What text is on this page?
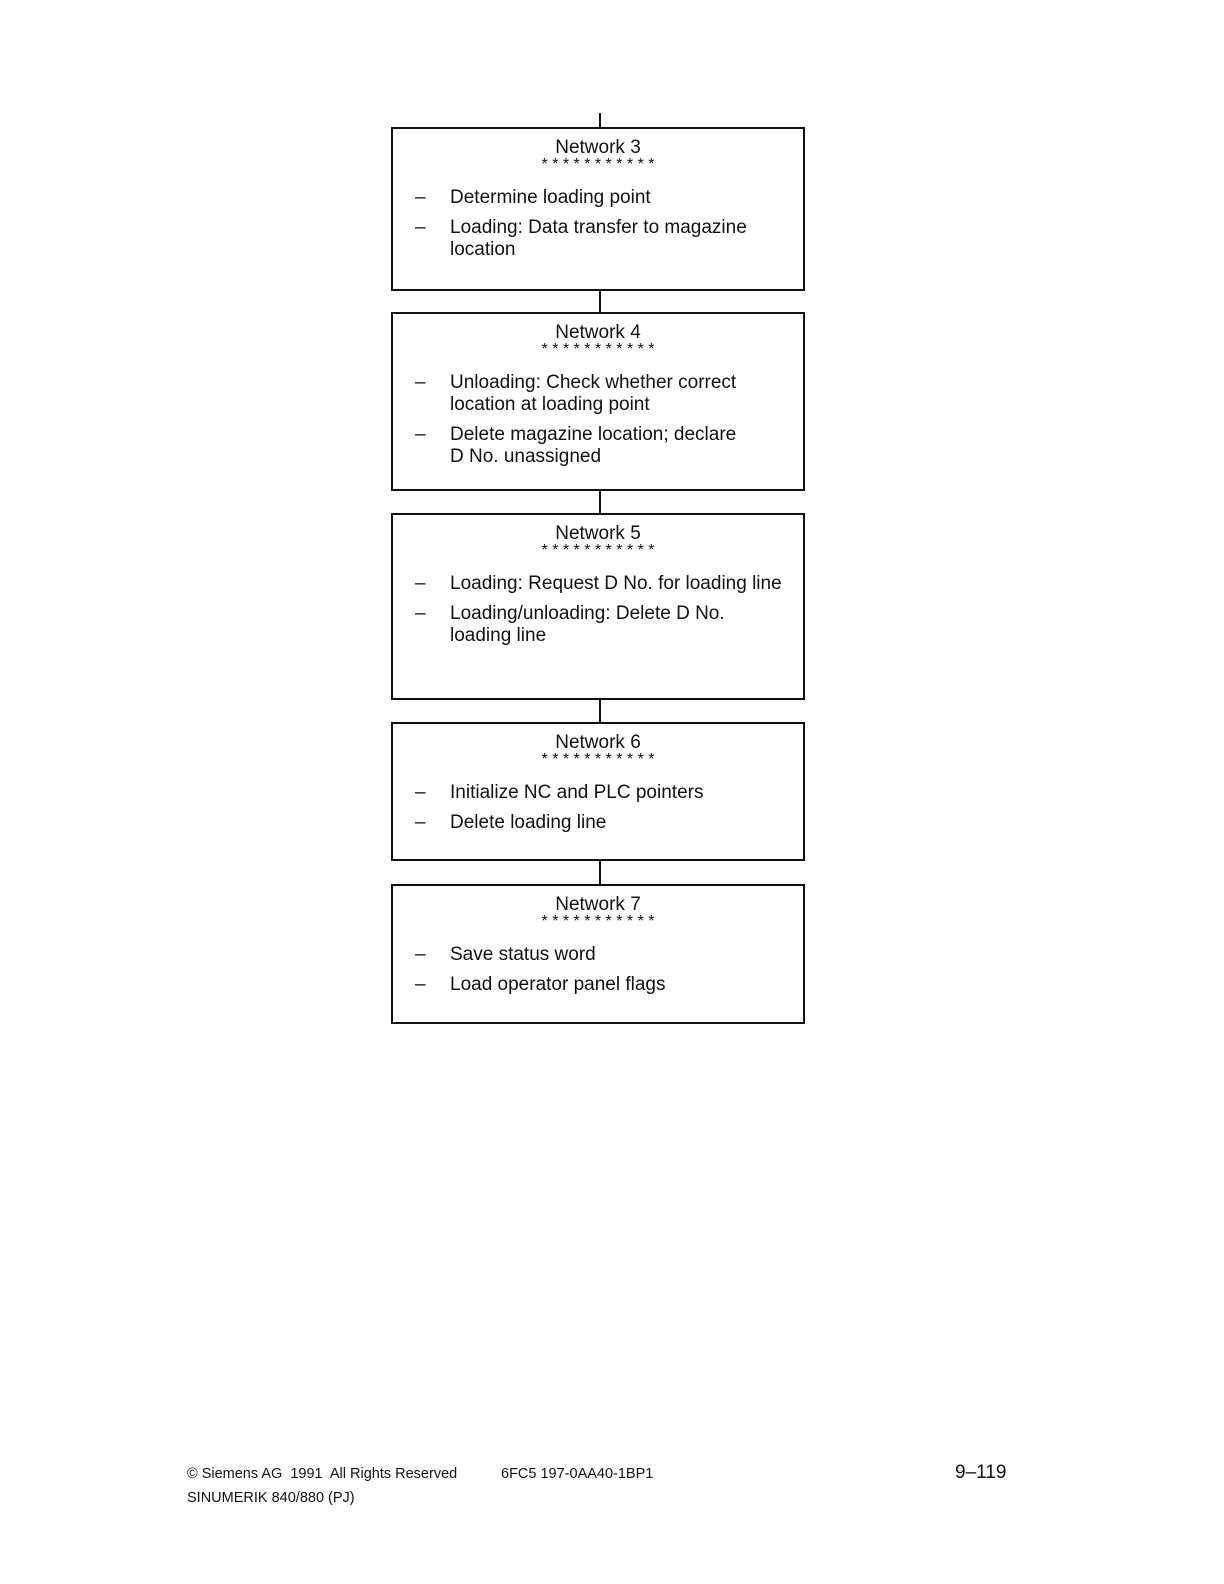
Network 3
* * * * * * * * * * *
– Determine loading point
– Loading: Data transfer to magazine location
Network 4
* * * * * * * * * * *
– Unloading: Check whether correct location at loading point
– Delete magazine location; declare D No. unassigned
Network 5
* * * * * * * * * * *
– Loading: Request D No. for loading line
– Loading/unloading: Delete D No. loading line
Network 6
* * * * * * * * * * *
– Initialize NC and PLC pointers
– Delete loading line
Network 7
* * * * * * * * * * *
– Save status word
– Load operator panel flags
© Siemens AG  1991  All Rights Reserved	6FC5 197-0AA40-1BP1
SINUMERIK 840/880 (PJ)
9–119
